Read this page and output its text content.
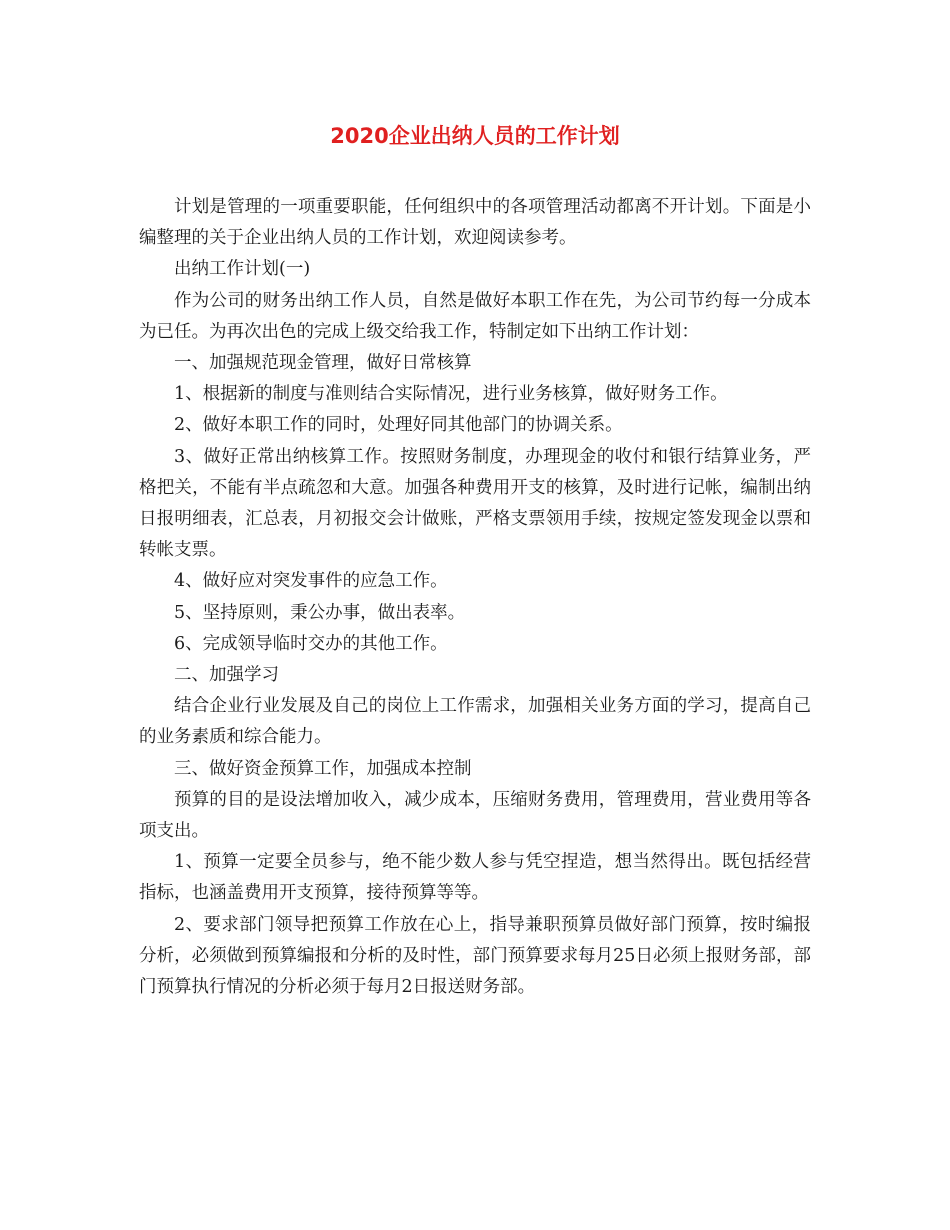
2020企业出纳人员的工作计划

计划是管理的一项重要职能，任何组织中的各项管理活动都离不开计划。下面是小编整理的关于企业出纳人员的工作计划，欢迎阅读参考。

出纳工作计划(一)

作为公司的财务出纳工作人员，自然是做好本职工作在先，为公司节约每一分成本为已任。为再次出色的完成上级交给我工作，特制定如下出纳工作计划：

一、加强规范现金管理，做好日常核算

1、根据新的制度与准则结合实际情况，进行业务核算，做好财务工作。

2、做好本职工作的同时，处理好同其他部门的协调关系。

3、做好正常出纳核算工作。按照财务制度，办理现金的收付和银行结算业务，严格把关，不能有半点疏忽和大意。加强各种费用开支的核算，及时进行记帐，编制出纳日报明细表，汇总表，月初报交会计做账，严格支票领用手续，按规定签发现金以票和转帐支票。

4、做好应对突发事件的应急工作。

5、坚持原则，秉公办事，做出表率。

6、完成领导临时交办的其他工作。

二、加强学习

结合企业行业发展及自己的岗位上工作需求，加强相关业务方面的学习，提高自己的业务素质和综合能力。

三、做好资金预算工作，加强成本控制

预算的目的是设法增加收入，减少成本，压缩财务费用，管理费用，营业费用等各项支出。

1、预算一定要全员参与，绝不能少数人参与凭空捏造，想当然得出。既包括经营指标，也涵盖费用开支预算，接待预算等等。

2、要求部门领导把预算工作放在心上，指导兼职预算员做好部门预算，按时编报分析，必须做到预算编报和分析的及时性，部门预算要求每月25日必须上报财务部，部门预算执行情况的分析必须于每月2日报送财务部。
